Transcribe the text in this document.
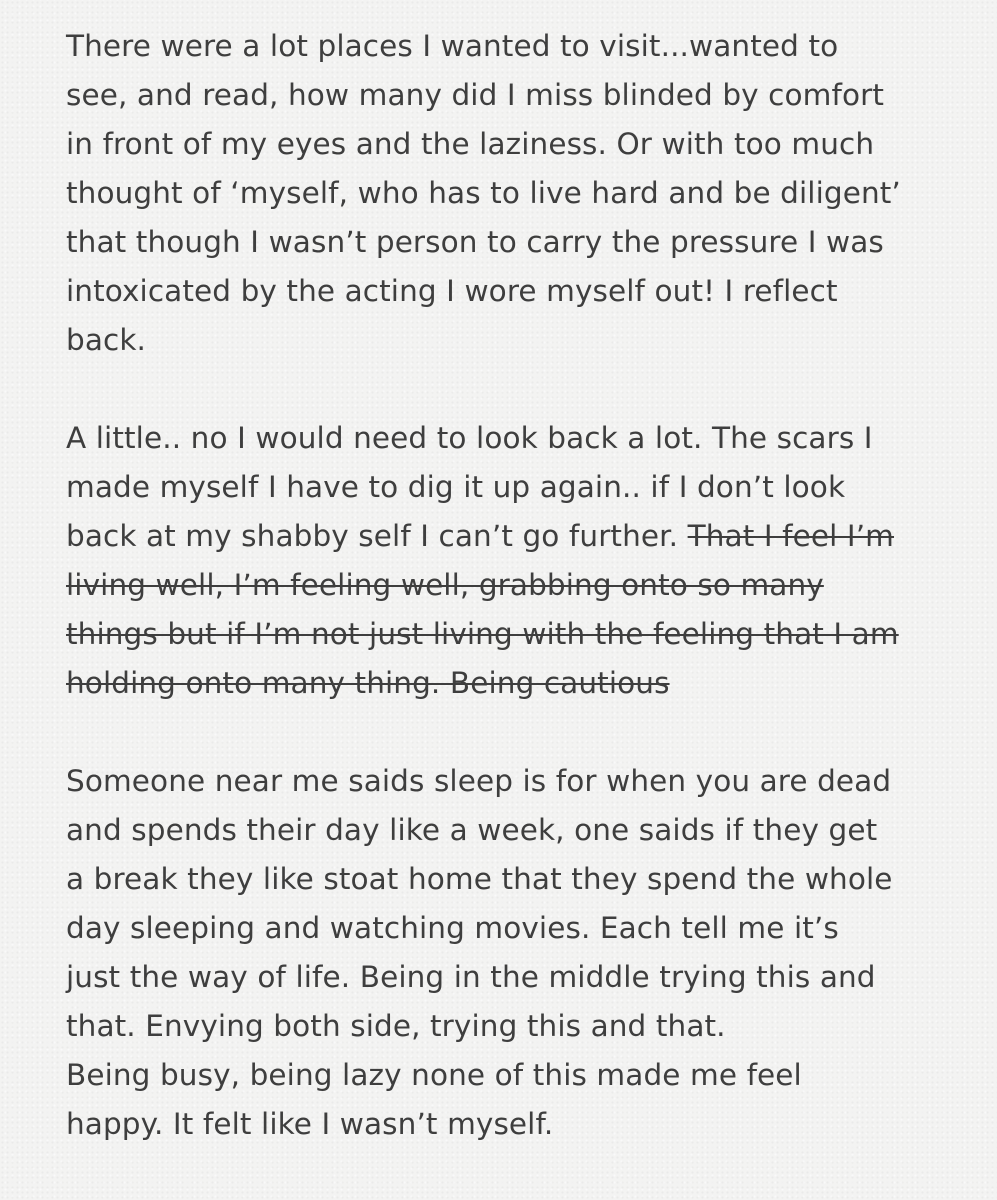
There were a lot places I wanted to visit...wanted to
see, and read, how many did I miss blinded by comfort
in front of my eyes and the laziness. Or with too much
thought of ‘myself, who has to live hard and be diligent’
that though I wasn’t person to carry the pressure I was
intoxicated by the acting I wore myself out! I reflect
back.
A little.. no I would need to look back a lot. The scars I
made myself I have to dig it up again.. if I don’t look
back at my shabby self I can’t go further. That I feel I’m
living well, I’m feeling well, grabbing onto so many
things but if I’m not just living with the feeling that I am
holding onto many thing. Being cautious
Someone near me saids sleep is for when you are dead
and spends their day like a week, one saids if they get
a break they like stoat home that they spend the whole
day sleeping and watching movies. Each tell me it’s
just the way of life. Being in the middle trying this and
that. Envying both side, trying this and that.
Being busy, being lazy none of this made me feel
happy. It felt like I wasn’t myself.
